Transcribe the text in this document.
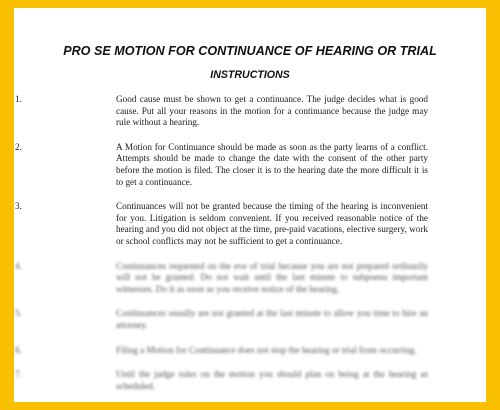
PRO SE MOTION FOR CONTINUANCE OF HEARING OR TRIAL
INSTRUCTIONS
1.	Good cause must be shown to get a continuance. The judge decides what is good cause. Put all your reasons in the motion for a continuance because the judge may rule without a hearing.
2.	A Motion for Continuance should be made as soon as the party learns of a conflict. Attempts should be made to change the date with the consent of the other party before the motion is filed. The closer it is to the hearing date the more difficult it is to get a continuance.
3.	Continuances will not be granted because the timing of the hearing is inconvenient for you. Litigation is seldom convenient. If you received reasonable notice of the hearing and you did not object at the time, pre-paid vacations, elective surgery, work or school conflicts may not be sufficient to get a continuance.
4.	Continuances requested on the eve of trial because you are not prepared ordinarily will not be granted. Do not wait until the last minute to subpoena important witnesses. Do it as soon as you receive notice of the hearing.
5.	Continuances usually are not granted at the last minute to allow you time to hire an attorney.
6.	Filing a Motion for Continuance does not stop the hearing or trial from occurring.
7.	Until the judge rules on the motion you should plan on being at the hearing as scheduled.
